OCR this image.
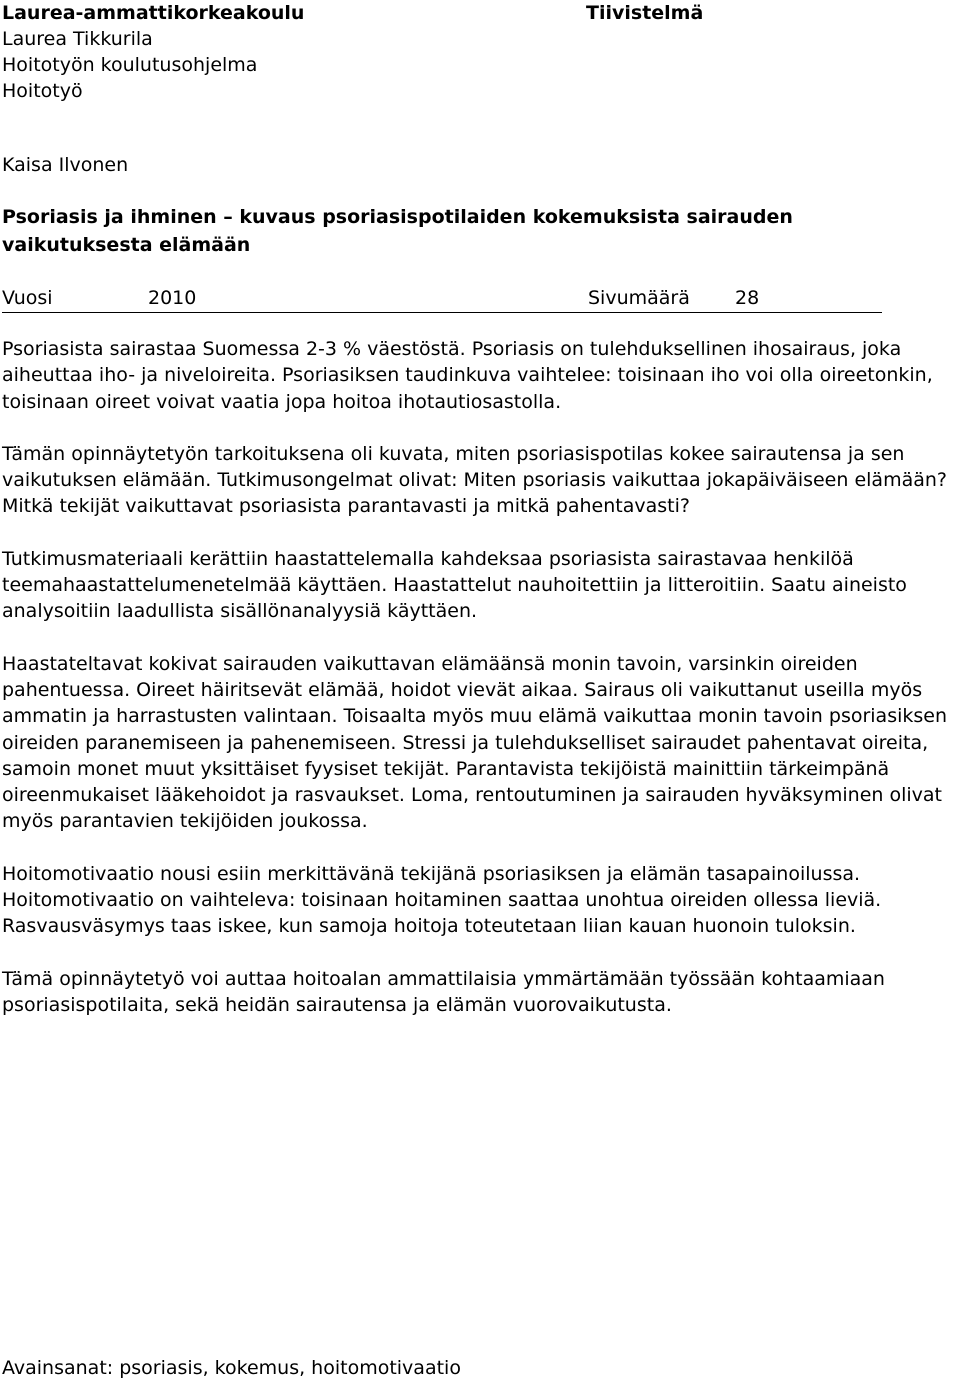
Laurea-ammattikorkeakoulu
Laurea Tikkurila
Hoitotyön koulutusohjelma
Hoitotyö
Tiivistelmä
Kaisa Ilvonen
Psoriasis ja ihminen – kuvaus psoriasispotilaiden kokemuksista sairauden vaikutuksesta elämään
Vuosi	2010	Sivumäärä 28

Psoriasista sairastaa Suomessa 2-3 % väestöstä. Psoriasis on tulehduksellinen ihosairaus, joka aiheuttaa iho- ja niveloireita. Psoriasiksen taudinkuva vaihtelee: toisinaan iho voi olla oireetonkin, toisinaan oireet voivat vaatia jopa hoitoa ihotautiosastolla.

Tämän opinnäytetyön tarkoituksena oli kuvata, miten psoriasispotilas kokee sairautensa ja sen vaikutuksen elämään. Tutkimusongelmat olivat: Miten psoriasis vaikuttaa jokapäiväiseen elämään? Mitkä tekijät vaikuttavat psoriasista parantavasti ja mitkä pahentavasti?

Tutkimusmateriaali kerättiin haastattelemalla kahdeksaa psoriasista sairastavaa henkilöä teemahaastattelumenetelmää käyttäen. Haastattelut nauhoitettiin ja litteroitiin. Saatu aineisto analysoitiin laadullista sisällönanalyysiä käyttäen.

Haastateltavat kokivat sairauden vaikuttavan elämäänsä monin tavoin, varsinkin oireiden pahentuessa. Oireet häiritsevät elämää, hoidot vievät aikaa. Sairaus oli vaikuttanut useilla myös ammatin ja harrastusten valintaan. Toisaalta myös muu elämä vaikuttaa monin tavoin psoriasiksen oireiden paranemiseen ja pahenemiseen. Stressi ja tulehdukselliset sairaudet pahentavat oireita, samoin monet muut yksittäiset fyysiset tekijät. Parantavista tekijöistä mainittiin tärkeimpänä oireenmukaiset lääkehoidot ja rasvaukset. Loma, rentoutuminen ja sairauden hyväksyminen olivat myös parantavien tekijöiden joukossa.

Hoitomotivaatio nousi esiin merkittävänä tekijänä psoriasiksen ja elämän tasapainoilussa. Hoitomotivaatio on vaihteleva: toisinaan hoitaminen saattaa unohtua oireiden ollessa lieviä. Rasvausväsymys taas iskee, kun samoja hoitoja toteutetaan liian kauan huonoin tuloksin.

Tämä opinnäytetyö voi auttaa hoitoalan ammattilaisia ymmärtämään työssään kohtaamiaan psoriasispotilaita, sekä heidän sairautensa ja elämän vuorovaikutusta.

Avainsanat: psoriasis, kokemus, hoitomotivaatio
